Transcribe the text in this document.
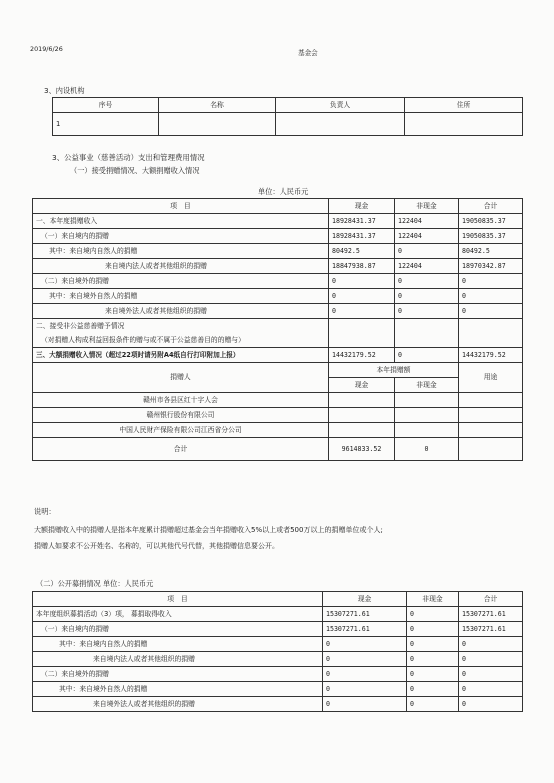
2019/6/26	基金会
3、内设机构
序号	名称	负责人	住所
1			
3、公益事业（慈善活动）支出和管理费用情况
（一）接受捐赠情况、大额捐赠收入情况
单位：人民币元
项　目	现金	非现金	合计
一、本年度捐赠收入	18928431.37	122404	19050835.37
（一）来自境内的捐赠	18928431.37	122404	19050835.37
其中：来自境内自然人的捐赠	80492.5	0	80492.5
来自境内法人或者其他组织的捐赠	18847938.87	122404	18970342.87
（二）来自境外的捐赠	0	0	0
其中：来自境外自然人的捐赠	0	0	0
来自境外法人或者其他组织的捐赠	0	0	0
二、接受非公益慈善赠予情况			
（对捐赠人构成利益回报条件的赠与或不属于公益慈善目的的赠与）			
三、大额捐赠收入情况（超过22项时请另附A4纸自行打印附加上报）	14432179.52	0	14432179.52
捐赠人	本年捐赠额		用途
	现金	非现金	
赣州市各县区红十字人会			
赣州银行股份有限公司			
中国人民财产保险有限公司江西省分公司			
合计	9614833.52	0	
说明：
大额捐赠收入中的捐赠人是指本年度累计捐赠超过基金会当年捐赠收入5%以上或者500万以上的捐赠单位或个人;
捐赠人如要求不公开姓名、名称的，可以其他代号代替，其他捐赠信息要公开。
（二）公开募捐情况 单位：人民币元
项　目	现金	非现金	合计
本年度组织募捐活动（3）项， 募捐取得收入	15307271.61	0	15307271.61
（一）来自境内的捐赠	15307271.61	0	15307271.61
其中：来自境内自然人的捐赠	0	0	0
来自境内法人或者其他组织的捐赠	0	0	0
（二）来自境外的捐赠	0	0	0
其中：来自境外自然人的捐赠	0	0	0
来自境外法人或者其他组织的捐赠	0	0	0
